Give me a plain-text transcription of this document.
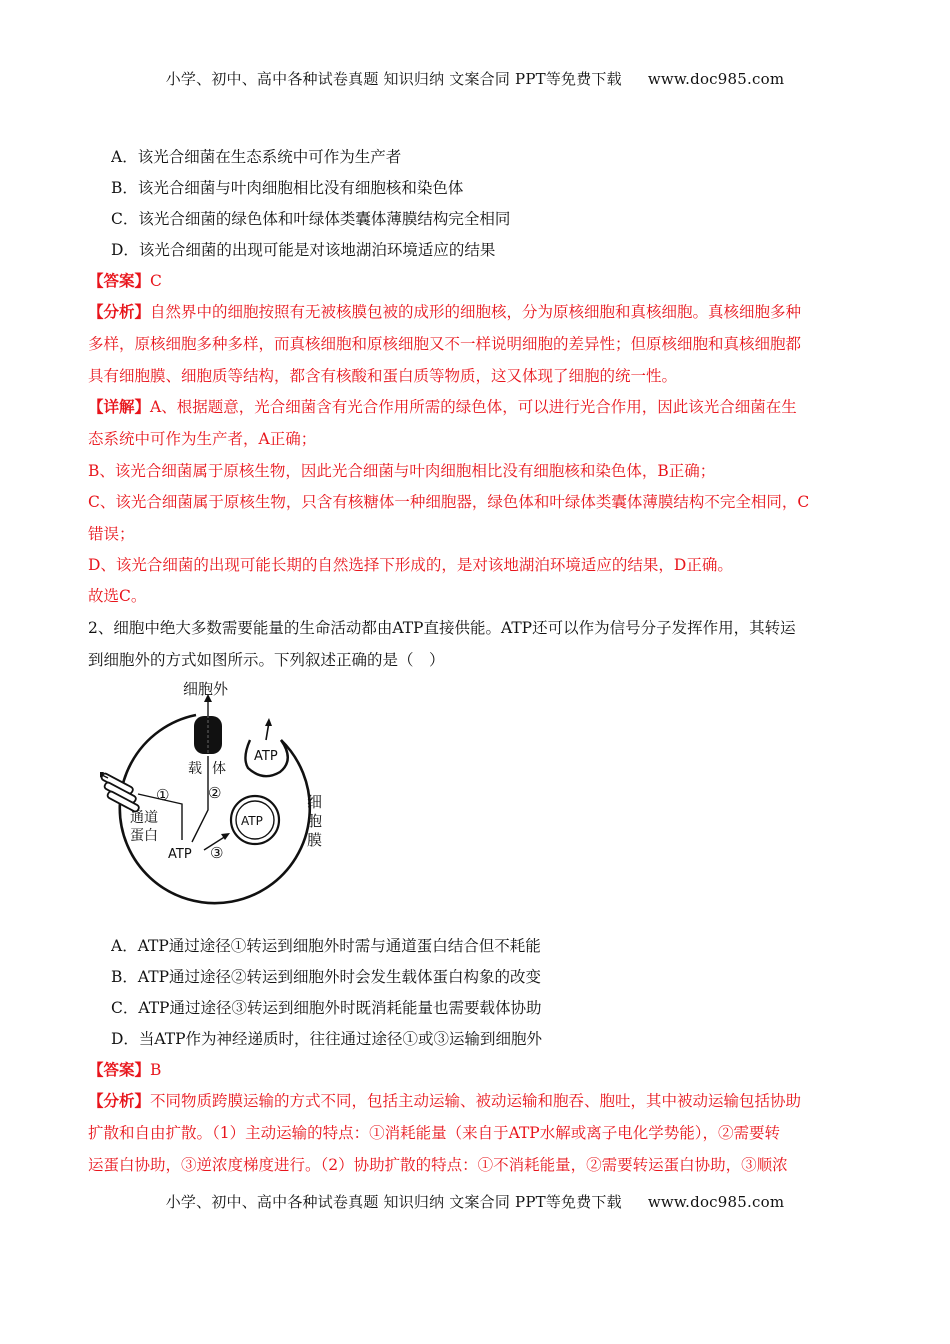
小学、初中、高中各种试卷真题 知识归纳 文案合同 PPT等免费下载 www.doc985.com
A．该光合细菌在生态系统中可作为生产者
B．该光合细菌与叶肉细胞相比没有细胞核和染色体
C．该光合细菌的绿色体和叶绿体类囊体薄膜结构完全相同
D．该光合细菌的出现可能是对该地湖泊环境适应的结果
【答案】C
【分析】自然界中的细胞按照有无被核膜包被的成形的细胞核，分为原核细胞和真核细胞。真核细胞多种
多样，原核细胞多种多样，而真核细胞和原核细胞又不一样说明细胞的差异性；但原核细胞和真核细胞都
具有细胞膜、细胞质等结构，都含有核酸和蛋白质等物质，这又体现了细胞的统一性。
【详解】A、根据题意，光合细菌含有光合作用所需的绿色体，可以进行光合作用，因此该光合细菌在生
态系统中可作为生产者，A正确；
B、该光合细菌属于原核生物，因此光合细菌与叶肉细胞相比没有细胞核和染色体，B正确；
C、该光合细菌属于原核生物，只含有核糖体一种细胞器，绿色体和叶绿体类囊体薄膜结构不完全相同，C
错误；
D、该光合细菌的出现可能长期的自然选择下形成的，是对该地湖泊环境适应的结果，D正确。
故选C。
2、细胞中绝大多数需要能量的生命活动都由ATP直接供能。ATP还可以作为信号分子发挥作用，其转运
到细胞外的方式如图所示。下列叙述正确的是（　）
ATP
细胞外
载 体
②
①
通道
蛋白
ATP ③
ATP
细
胞
膜
A．ATP通过途径①转运到细胞外时需与通道蛋白结合但不耗能
B．ATP通过途径②转运到细胞外时会发生载体蛋白构象的改变
C．ATP通过途径③转运到细胞外时既消耗能量也需要载体协助
D．当ATP作为神经递质时，往往通过途径①或③运输到细胞外
【答案】B
【分析】不同物质跨膜运输的方式不同，包括主动运输、被动运输和胞吞、胞吐，其中被动运输包括协助
扩散和自由扩散。（1）主动运输的特点：①消耗能量（来自于ATP水解或离子电化学势能），②需要转
运蛋白协助，③逆浓度梯度进行。（2）协助扩散的特点：①不消耗能量，②需要转运蛋白协助，③顺浓
小学、初中、高中各种试卷真题 知识归纳 文案合同 PPT等免费下载 www.doc985.com
